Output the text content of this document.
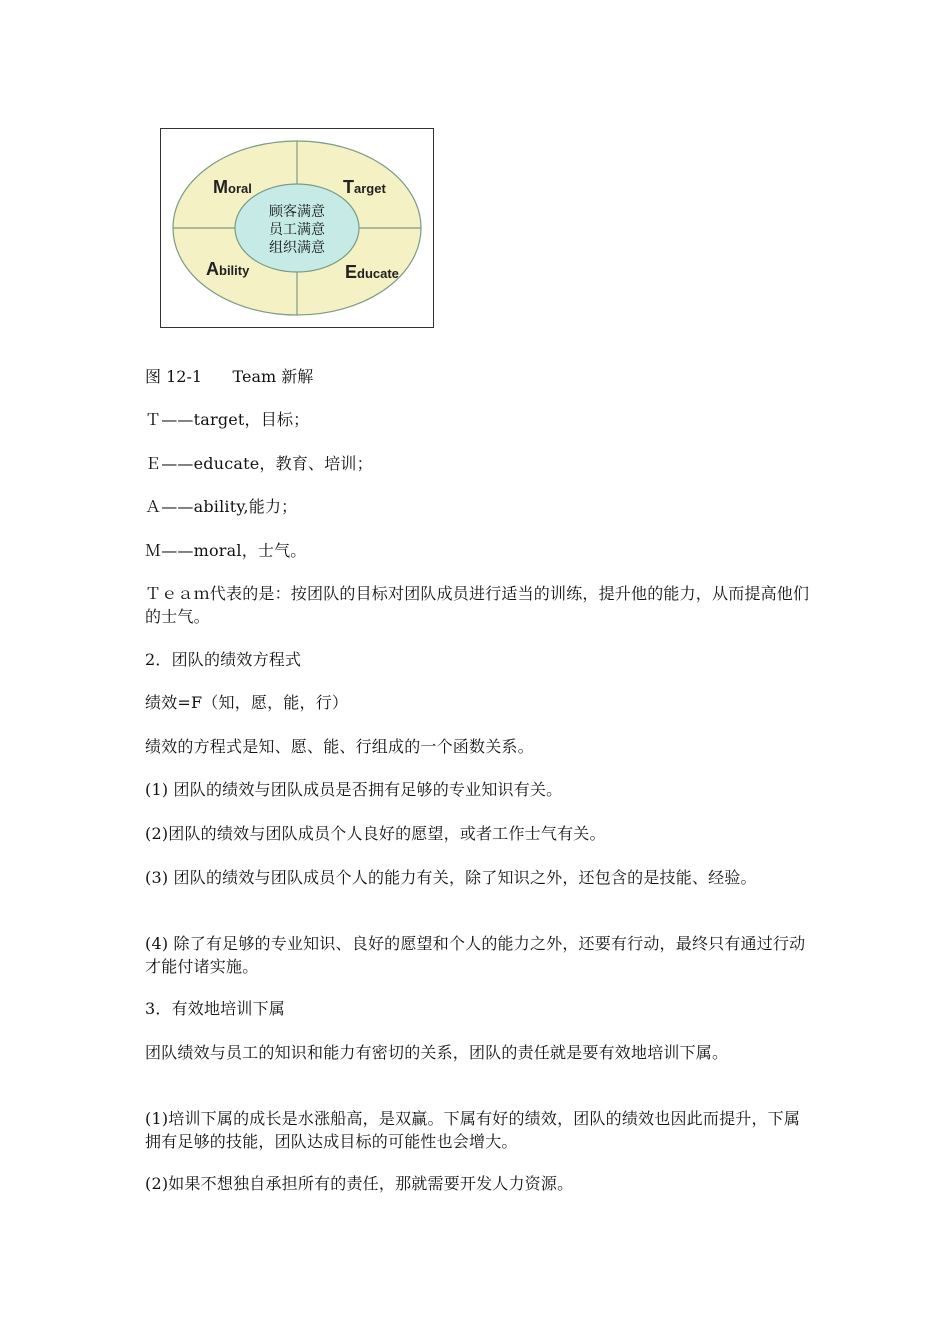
Moral	Target
Ability	Educate
顾客满意
员工满意
组织满意
图 12-1      Team 新解
Ｔ——target，目标；
Ｅ——educate，教育、培训；
Ａ——ability,能力；
Ｍ——moral，士气。
Ｔｅａｍ代表的是：按团队的目标对团队成员进行适当的训练，提升他的能力，从而提高他们的士气。
2．团队的绩效方程式
绩效=F（知，愿，能，行）
绩效的方程式是知、愿、能、行组成的一个函数关系。
(1) 团队的绩效与团队成员是否拥有足够的专业知识有关。
(2)团队的绩效与团队成员个人良好的愿望，或者工作士气有关。
(3) 团队的绩效与团队成员个人的能力有关，除了知识之外，还包含的是技能、经验。
(4) 除了有足够的专业知识、良好的愿望和个人的能力之外，还要有行动，最终只有通过行动才能付诸实施。
3．有效地培训下属
团队绩效与员工的知识和能力有密切的关系，团队的责任就是要有效地培训下属。
(1)培训下属的成长是水涨船高，是双赢。下属有好的绩效，团队的绩效也因此而提升，下属拥有足够的技能，团队达成目标的可能性也会增大。
(2)如果不想独自承担所有的责任，那就需要开发人力资源。
